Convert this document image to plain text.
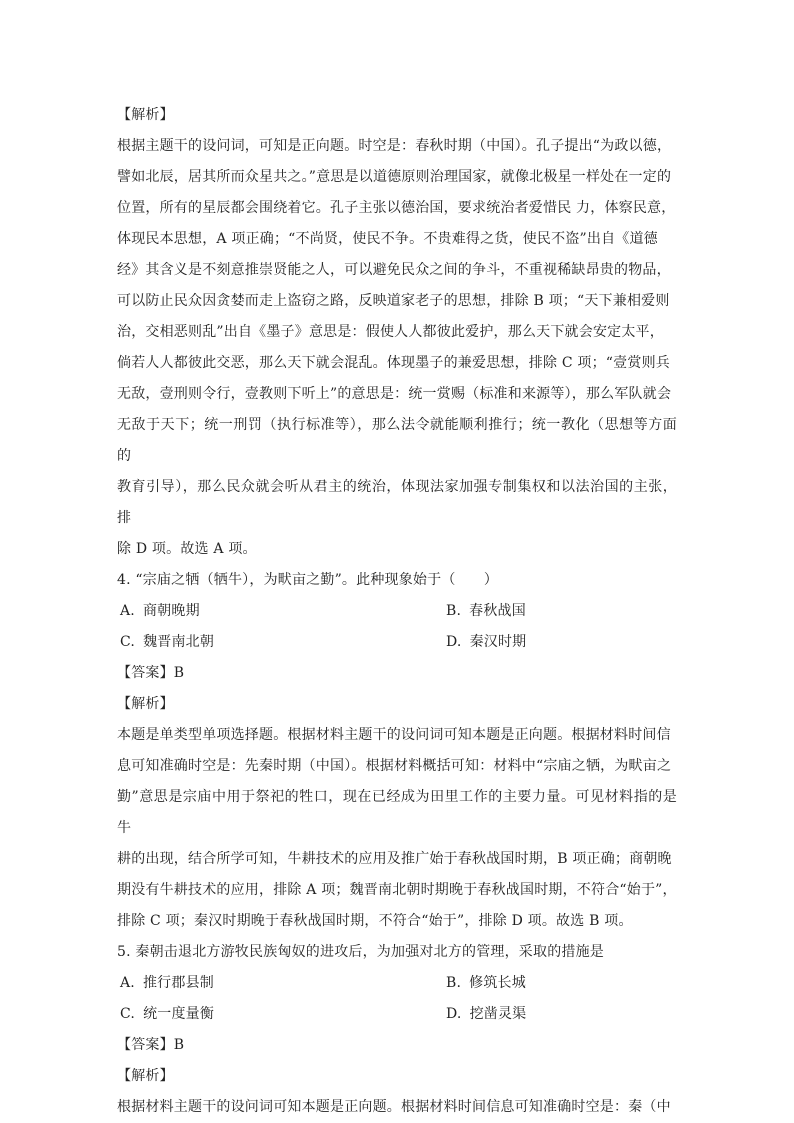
【解析】

根据主题干的设问词，可知是正向题。时空是：春秋时期（中国）。孔子提出“为政以德，

譬如北辰，居其所而众星共之。”意思是以道德原则治理国家，就像北极星一样处在一定的

位置，所有的星辰都会围绕着它。孔子主张以德治国，要求统治者爱惜民 力，体察民意，

体现民本思想，A 项正确；“不尚贤，使民不争。不贵难得之货，使民不盗”出自《道德

经》其含义是不刻意推崇贤能之人，可以避免民众之间的争斗，不重视稀缺昂贵的物品，

可以防止民众因贪婪而走上盗窃之路，反映道家老子的思想，排除 B 项；“天下兼相爱则

治，交相恶则乱”出自《墨子》意思是：假使人人都彼此爱护，那么天下就会安定太平，

倘若人人都彼此交恶，那么天下就会混乱。体现墨子的兼爱思想，排除 C 项；“壹赏则兵

无敌，壹刑则令行，壹教则下听上”的意思是：统一赏赐（标准和来源等），那么军队就会

无敌于天下；统一刑罚（执行标准等），那么法令就能顺利推行；统一教化（思想等方面的

教育引导），那么民众就会听从君主的统治，体现法家加强专制集权和以法治国的主张，排

除 D 项。故选 A 项。

4. “宗庙之牺（牺牛），为畎亩之勤”。此种现象始于（　　）
A. 商朝晚期	B. 春秋战国
C. 魏晋南北朝	D. 秦汉时期
【答案】B
【解析】

本题是单类型单项选择题。根据材料主题干的设问词可知本题是正向题。根据材料时间信

息可知准确时空是：先秦时期（中国）。根据材料概括可知：材料中“宗庙之牺，为畎亩之

勤”意思是宗庙中用于祭祀的牲口，现在已经成为田里工作的主要力量。可见材料指的是牛

耕的出现，结合所学可知，牛耕技术的应用及推广始于春秋战国时期，B 项正确；商朝晚

期没有牛耕技术的应用，排除 A 项；魏晋南北朝时期晚于春秋战国时期，不符合“始于”，

排除 C 项；秦汉时期晚于春秋战国时期，不符合“始于”，排除 D 项。故选 B 项。

5. 秦朝击退北方游牧民族匈奴的进攻后，为加强对北方的管理，采取的措施是
A. 推行郡县制	B. 修筑长城
C. 统一度量衡	D. 挖凿灵渠
【答案】B
【解析】

根据材料主题干的设问词可知本题是正向题。根据材料时间信息可知准确时空是：秦（中
